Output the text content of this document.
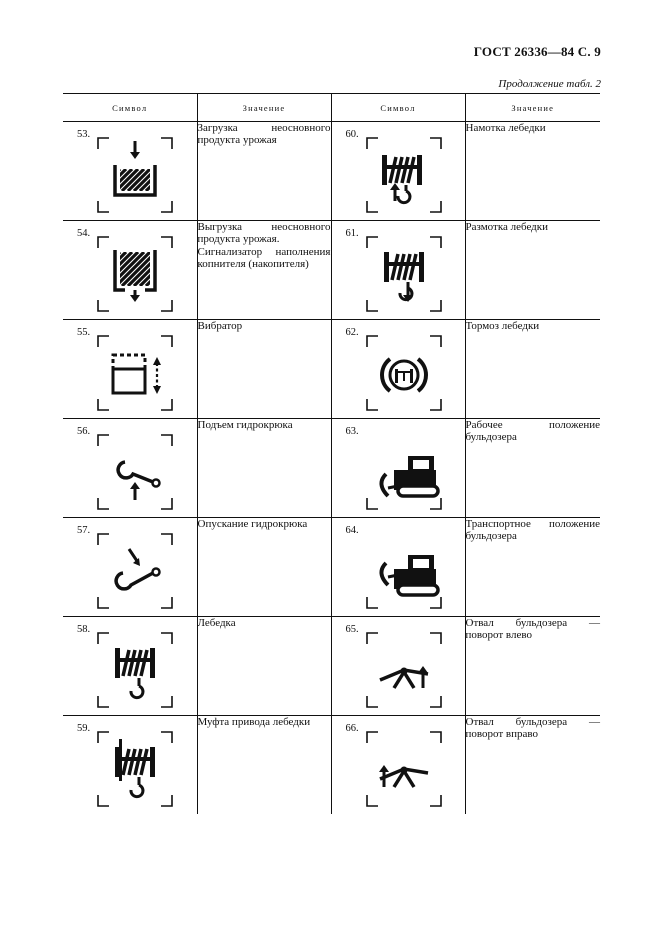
ГОСТ 26336—84 С. 9
Продолжение табл. 2
Символ	Значение	Символ	Значение

53.	Загрузка неосновного продукта урожая	60.	Намотка лебедки

54.	Выгрузка неосновного продукта урожая.
Сигнализатор наполнения копнителя (накопителя)	61.	Размотка лебедки

55.	Вибратор	62.	Тормоз лебедки

56.	Подъем гидрокрюка	63.	Рабочее положение бульдозера

57.	Опускание гидрокрюка	64.	Транспортное положение бульдозера

58.	Лебедка	65.	Отвал бульдозера — поворот влево

59.	Муфта привода лебедки	66.	Отвал бульдозера — поворот вправо
